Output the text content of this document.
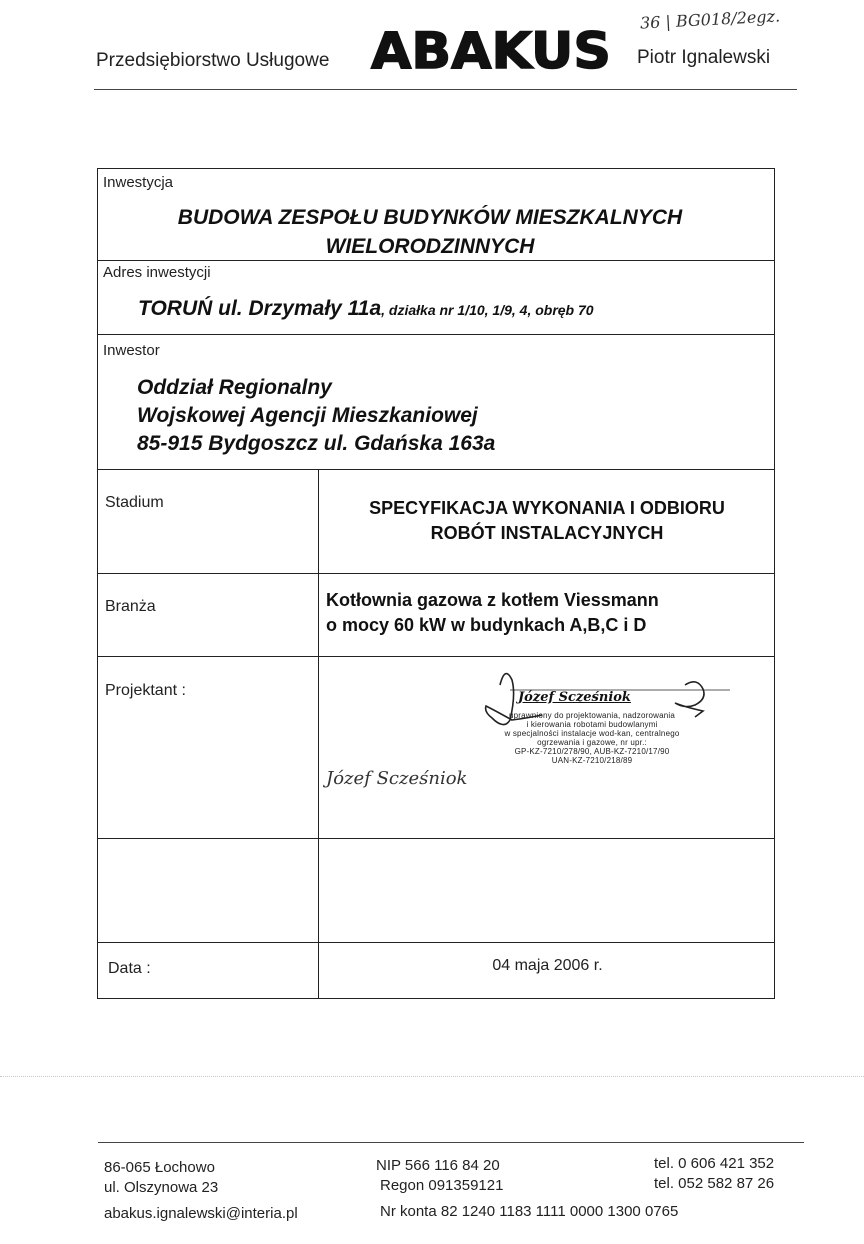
Przedsiębiorstwo Usługowe ABAKUS Piotr Ignalewski
36 | BG018/2egz.
Inwestycja
BUDOWA ZESPOŁU BUDYNKÓW MIESZKALNYCH
WIELORODZINNYCH
Adres inwestycji
TORUŃ ul. Drzymały 11a, działka nr 1/10, 1/9, 4, obręb 70
Inwestor
Oddział Regionalny
Wojskowej Agencji Mieszkaniowej
85-915 Bydgoszcz ul. Gdańska 163a
Stadium	SPECYFIKACJA WYKONANIA I ODBIORU
ROBÓT INSTALACYJNYCH
Branża	Kotłownia gazowa z kotłem Viessmann
o mocy 60 kW w budynkach A,B,C i D
Projektant :	Józef Scześniok
uprawniony do projektowania, nadzorowania
i kierowania robotami budowlanymi
w specjalności instalacje wod-kan, centralnego
ogrzewania i gazowe, nr upr.:
GP-KZ-7210/278/90, AUB-KZ-7210/17/90
UAN-KZ-7210/218/89
Józef Scześniok
Data :	04 maja 2006 r.
86-065 Łochowo
ul. Olszynowa 23
abakus.ignalewski@interia.pl
NIP 566 116 84 20
Regon 091359121
Nr konta 82 1240 1183 1111 0000 1300 0765
tel. 0 606 421 352
tel. 052 582 87 26
